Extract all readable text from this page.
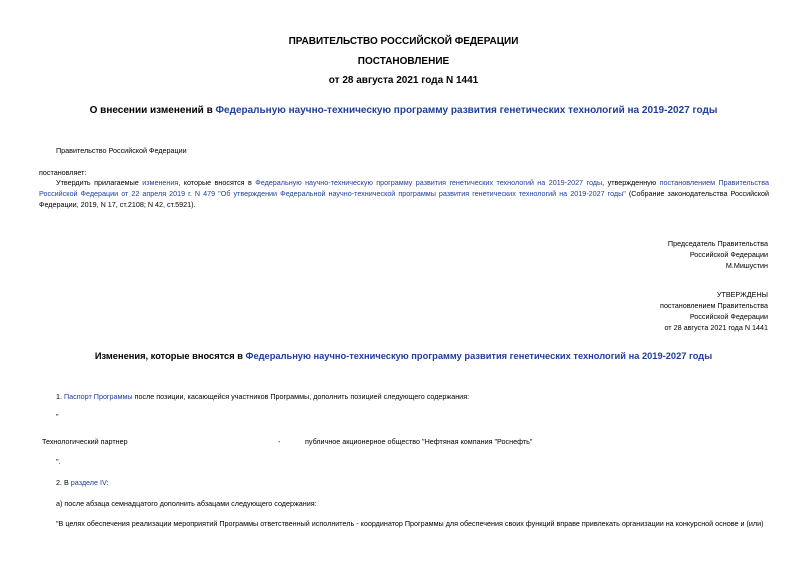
ПРАВИТЕЛЬСТВО РОССИЙСКОЙ ФЕДЕРАЦИИ
ПОСТАНОВЛЕНИЕ
от 28 августа 2021 года N 1441
О внесении изменений в Федеральную научно-техническую программу развития генетических технологий на 2019-2027 годы
Правительство Российской Федерации
постановляет:
Утвердить прилагаемые изменения, которые вносятся в Федеральную научно-техническую программу развития генетических технологий на 2019-2027 годы, утвержденную постановлением Правительства Российской Федерации от 22 апреля 2019 г. N 479 "Об утверждении Федеральной научно-технической программы развития генетических технологий на 2019-2027 годы" (Собрание законодательства Российской Федерации, 2019, N 17, ст.2108; N 42, ст.5921).
Председатель Правительства
Российской Федерации
М.Мишустин
УТВЕРЖДЕНЫ
постановлением Правительства
Российской Федерации
от 28 августа 2021 года N 1441
Изменения, которые вносятся в Федеральную научно-техническую программу развития генетических технологий на 2019-2027 годы
1. Паспорт Программы после позиции, касающейся участников Программы, дополнить позицией следующего содержания:
"
Технологический партнер	-	публичное акционерное общество "Нефтяная компания "Роснефть"
".
2. В разделе IV:
а) после абзаца семнадцатого дополнить абзацами следующего содержания:
"В целях обеспечения реализации мероприятий Программы ответственный исполнитель - координатор Программы для обеспечения своих функций вправе привлекать организации на конкурсной основе и (или)
